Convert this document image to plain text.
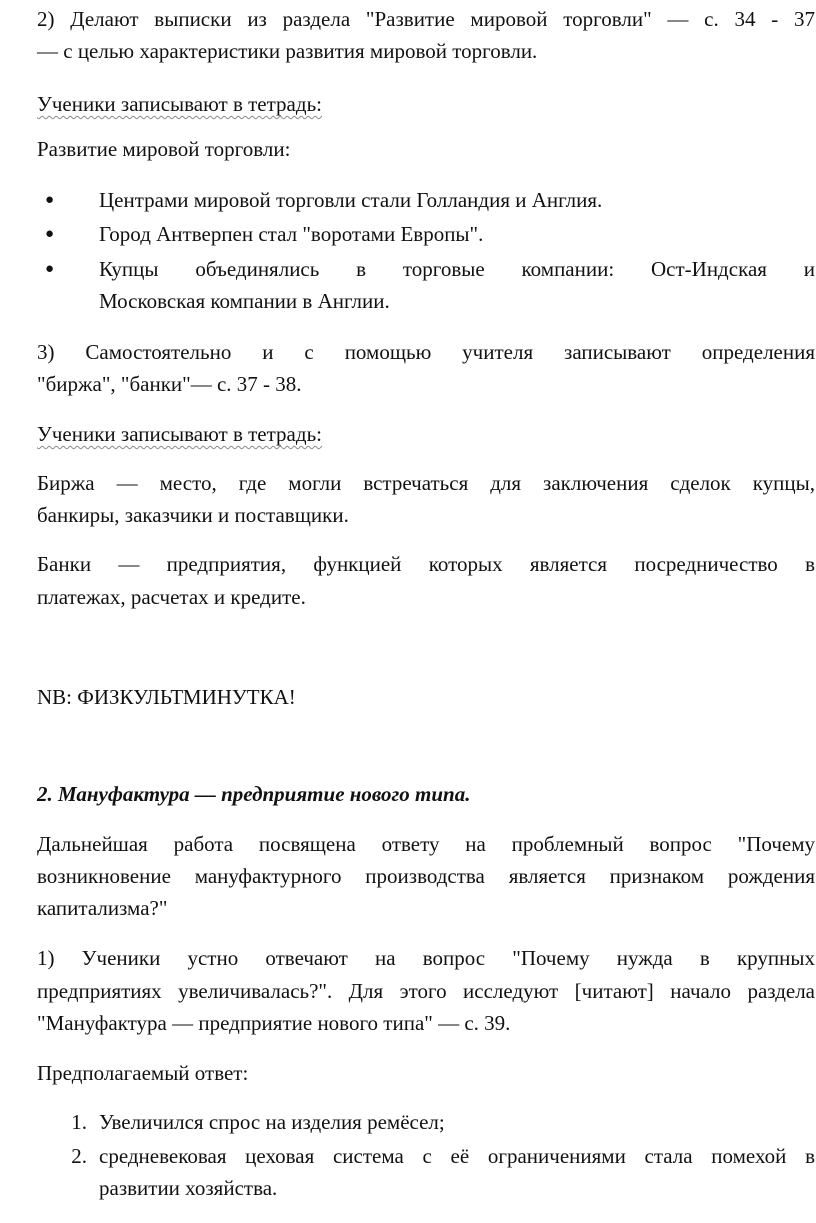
2) Делают выписки из раздела "Развитие мировой торговли" — с. 34 - 37
— с целью характеристики развития мировой торговли.
Ученики записывают в тетрадь:
Развитие мировой торговли:
● Центрами мировой торговли стали Голландия и Англия.
● Город Антверпен стал "воротами Европы".
● Купцы объединялись в торговые компании: Ост-Индская и
Московская компании в Англии.
3) Самостоятельно и с помощью учителя записывают определения
"биржа", "банки"— с. 37 - 38.
Ученики записывают в тетрадь:
Биржа — место, где могли встречаться для заключения сделок купцы,
банкиры, заказчики и поставщики.
Банки — предприятия, функцией которых является посредничество в
платежах, расчетах и кредите.
NB: ФИЗКУЛЬТМИНУТКА!
2. Мануфактура — предприятие нового типа.
Дальнейшая работа посвящена ответу на проблемный вопрос "Почему
возникновение мануфактурного производства является признаком рождения
капитализма?"
1) Ученики устно отвечают на вопрос "Почему нужда в крупных
предприятиях увеличивалась?". Для этого исследуют [читают] начало раздела
"Мануфактура — предприятие нового типа" — с. 39.
Предполагаемый ответ:
1. Увеличился спрос на изделия ремёсел;
2. средневековая цеховая система с её ограничениями стала помехой в
развитии хозяйства.
